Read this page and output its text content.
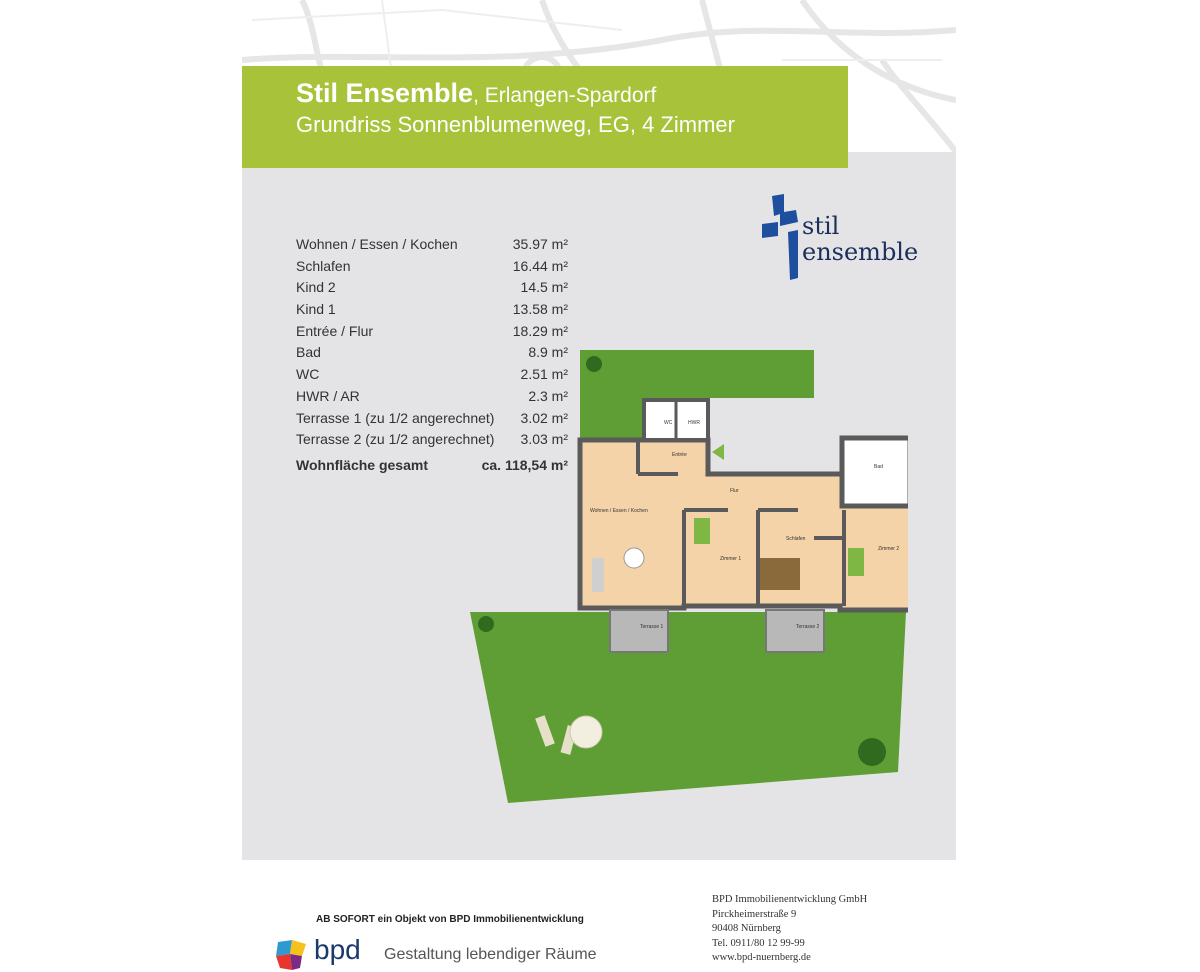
Stil Ensemble, Erlangen-Spardorf
Grundriss Sonnenblumenweg, EG, 4 Zimmer
stil
ensemble
Wohnen / Essen / Kochen	35.97 m²
Schlafen	16.44 m²
Kind 2	14.5 m²
Kind 1	13.58 m²
Entrée / Flur	18.29 m²
Bad	8.9 m²
WC	2.51 m²
HWR / AR	2.3 m²
Terrasse 1 (zu 1/2 angerechnet) 3.02 m²
Terrasse 2 (zu 1/2 angerechnet) 3.03 m²
Wohnfläche gesamt	ca. 118,54 m²
WC	HWR
Entrée
Flur
Bad
Wohnen / Essen / Kochen
Zimmer 1
Schlafen
Zimmer 2
Terrasse 1	Terrasse 2
AB SOFORT ein Objekt von BPD Immobilienentwicklung
bpd Gestaltung lebendiger Räume
BPD Immobilienentwicklung GmbH
Pirckheimerstraße 9
90408 Nürnberg
Tel. 0911/80 12 99-99
www.bpd-nuernberg.de
